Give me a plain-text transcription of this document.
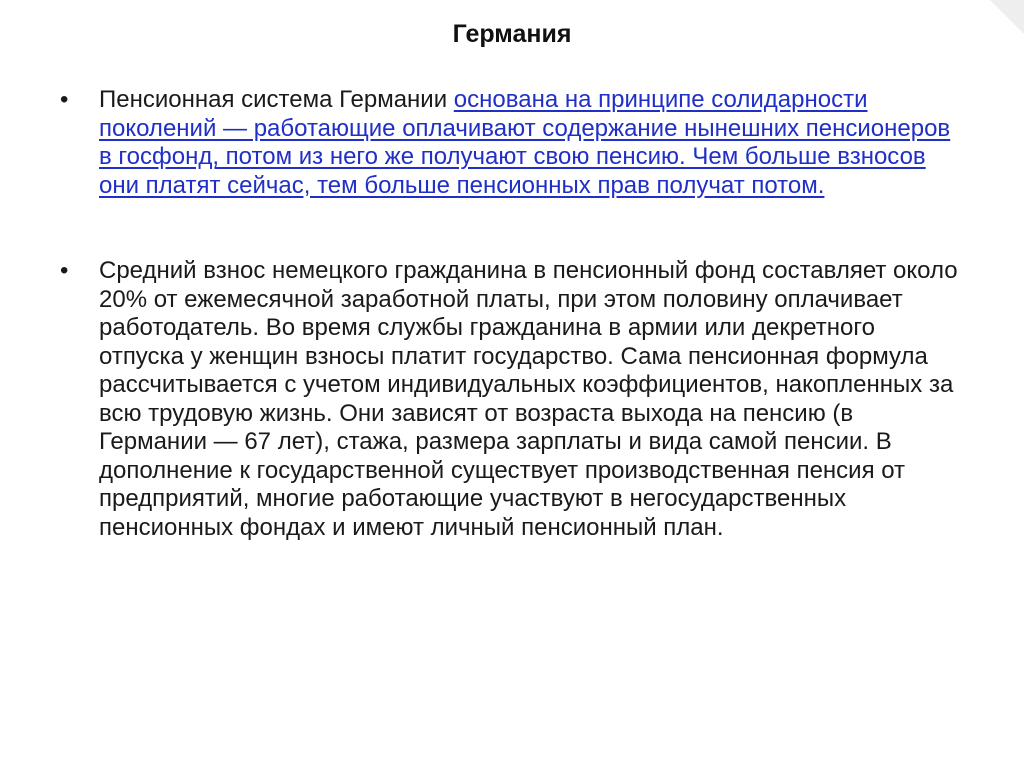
Германия
• Пенсионная система Германии основана на принципе солидарности поколений — работающие оплачивают содержание нынешних пенсионеров в госфонд, потом из него же получают свою пенсию. Чем больше взносов они платят сейчас, тем больше пенсионных прав получат потом.
• Средний взнос немецкого гражданина в пенсионный фонд составляет около 20% от ежемесячной заработной платы, при этом половину оплачивает работодатель. Во время службы гражданина в армии или декретного отпуска у женщин взносы платит государство. Сама пенсионная формула рассчитывается с учетом индивидуальных коэффициентов, накопленных за всю трудовую жизнь. Они зависят от возраста выхода на пенсию (в Германии — 67 лет), стажа, размера зарплаты и вида самой пенсии. В дополнение к государственной существует производственная пенсия от предприятий, многие работающие участвуют в негосударственных пенсионных фондах и имеют личный пенсионный план.
